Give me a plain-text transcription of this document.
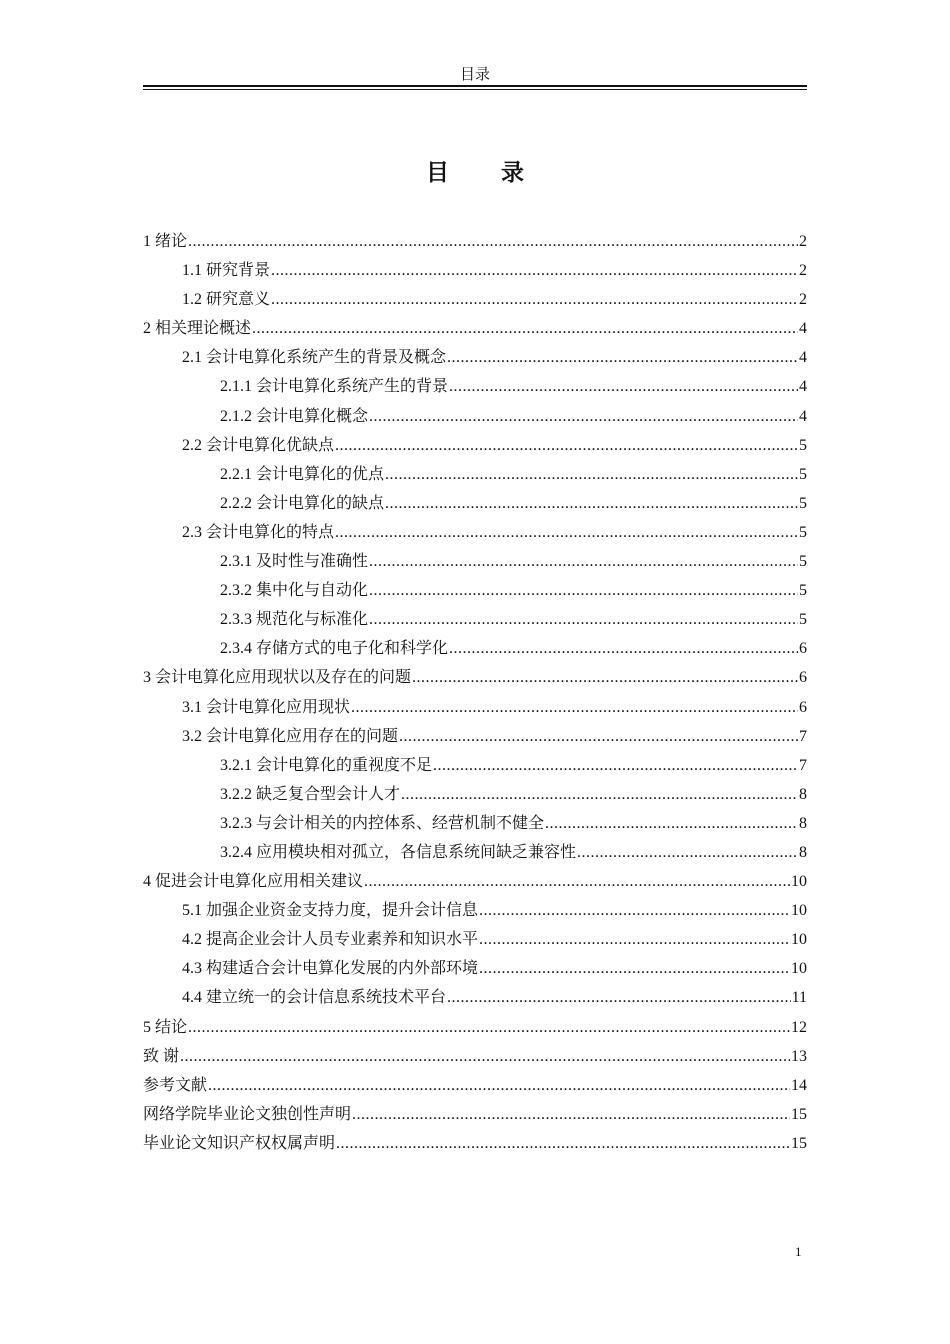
目录
目 录
1 绪论 .....	2
1.1 研究背景 .....	2
1.2 研究意义 .....	2
2 相关理论概述 .....	4
2.1 会计电算化系统产生的背景及概念 .....	4
2.1.1 会计电算化系统产生的背景 .....	4
2.1.2 会计电算化概念 .....	4
2.2 会计电算化优缺点 .....	5
2.2.1 会计电算化的优点 .....	5
2.2.2 会计电算化的缺点 .....	5
2.3 会计电算化的特点 .....	5
2.3.1 及时性与准确性 .....	5
2.3.2 集中化与自动化 .....	5
2.3.3 规范化与标准化 .....	5
2.3.4 存储方式的电子化和科学化 .....	6
3 会计电算化应用现状以及存在的问题 .....	6
3.1 会计电算化应用现状 .....	6
3.2 会计电算化应用存在的问题 .....	7
3.2.1 会计电算化的重视度不足 .....	7
3.2.2 缺乏复合型会计人才 .....	8
3.2.3 与会计相关的内控体系、经营机制不健全 .....	8
3.2.4 应用模块相对孤立，各信息系统间缺乏兼容性 .....	8
4 促进会计电算化应用相关建议 .....	10
5.1 加强企业资金支持力度，提升会计信息 .....	10
4.2 提高企业会计人员专业素养和知识水平 .....	10
4.3 构建适合会计电算化发展的内外部环境 .....	10
4.4 建立统一的会计信息系统技术平台 .....	11
5 结论 .....	12
致 谢 .....	13
参考文献 .....	14
网络学院毕业论文独创性声明 .....	15
毕业论文知识产权权属声明 .....	15
1
